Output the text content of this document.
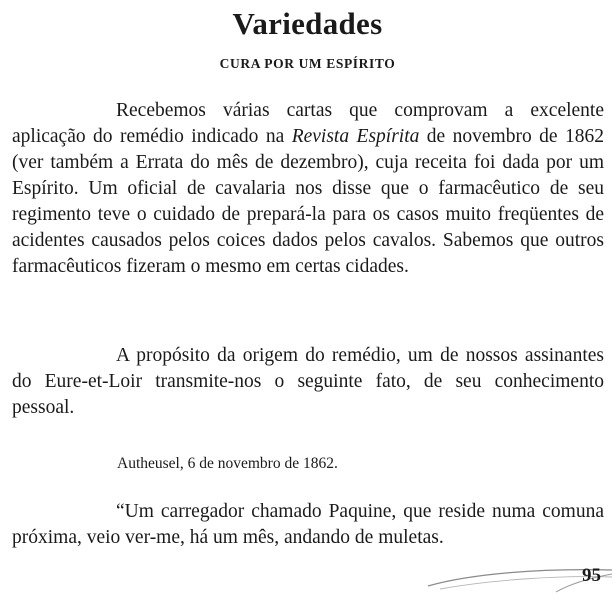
Variedades
CURA POR UM ESPÍRITO

Recebemos várias cartas que comprovam a excelente aplicação do remédio indicado na Revista Espírita de novembro de 1862 (ver também a Errata do mês de dezembro), cuja receita foi dada por um Espírito. Um oficial de cavalaria nos disse que o farmacêutico de seu regimento teve o cuidado de prepará-la para os casos muito freqüentes de acidentes causados pelos coices dados pelos cavalos. Sabemos que outros farmacêuticos fizeram o mesmo em certas cidades.

A propósito da origem do remédio, um de nossos assinantes do Eure-et-Loir transmite-nos o seguinte fato, de seu conhecimento pessoal.

Autheusel, 6 de novembro de 1862.

“Um carregador chamado Paquine, que reside numa comuna próxima, veio ver-me, há um mês, andando de muletas.

95
